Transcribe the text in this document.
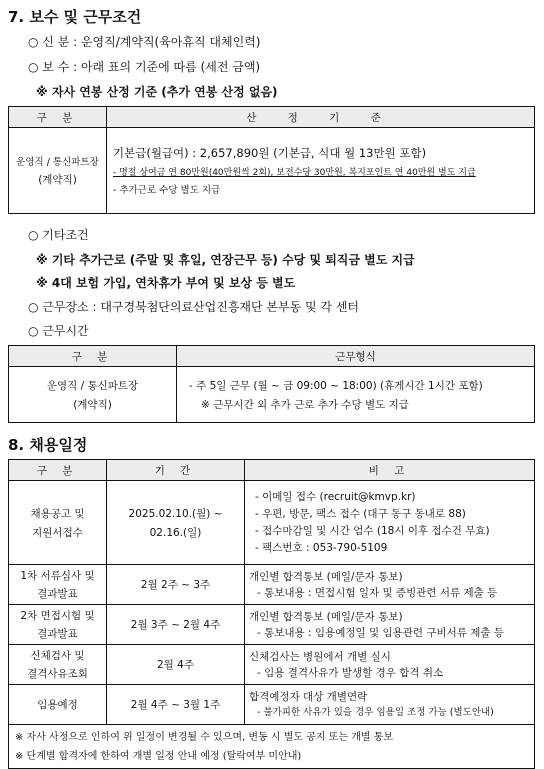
7. 보수 및 근무조건
○ 신 분 : 운영직/계약직(육아휴직 대체인력)
○ 보 수 : 아래 표의 기준에 따름 (세전 금액)
※ 자사 연봉 산정 기준 (추가 연봉 산정 없음)
구 분	산 정 기 준

운영직 / 통신파트장
(계약직)	기본급(월급여) : 2,657,890원 (기본급, 식대 월 13만원 포함)
- 명절 상여금 연 80만원(40만원씩 2회), 보전수당 30만원, 복지포인트 연 40만원 별도 지급
- 추가근로 수당 별도 지급
○ 기타조건
※ 기타 추가근로 (주말 및 휴일, 연장근무 등) 수당 및 퇴직금 별도 지급
※ 4대 보험 가입, 연차휴가 부여 및 보상 등 별도
○ 근무장소 : 대구경북첨단의료산업진흥재단 본부동 및 각 센터
○ 근무시간
구 분	근무형식

운영직 / 통신파트장
(계약직)	- 주 5일 근무 (월 ~ 금 09:00 ~ 18:00) (휴게시간 1시간 포함)
※ 근무시간 외 추가 근로 추가 수당 별도 지급
8. 채용일정
구 분	기 간	비 고

채용공고 및
지원서접수	2025.02.10.(월) ~
02.16.(일)	- 이메일 접수 (recruit@kmvp.kr)
- 우편, 방문, 팩스 접수 (대구 동구 동내로 88)
- 접수마감일 및 시간 엄수 (18시 이후 접수건 무효)
- 팩스번호 : 053-790-5109

1차 서류심사 및
결과발표	2월 2주 ~ 3주	개인별 합격통보 (메일/문자 통보)
- 통보내용 : 면접시험 일자 및 증빙관련 서류 제출 등

2차 면접시험 및
결과발표	2월 3주 ~ 2월 4주	개인별 합격통보 (메일/문자 통보)
- 통보내용 : 임용예정일 및 임용관련 구비서류 제출 등

신체검사 및
결격사유조회	2월 4주	신체검사는 병원에서 개별 실시
- 임용 결격사유가 발생할 경우 합격 취소

임용예정	2월 4주 ~ 3월 1주	합격예정자 대상 개별연락
- 불가피한 사유가 있을 경우 임용일 조정 가능 (별도안내)

※ 자사 사정으로 인하여 위 일정이 변경될 수 있으며, 변동 시 별도 공지 또는 개별 통보
※ 단계별 합격자에 한하여 개별 일정 안내 예정 (탈락여부 미안내)		
